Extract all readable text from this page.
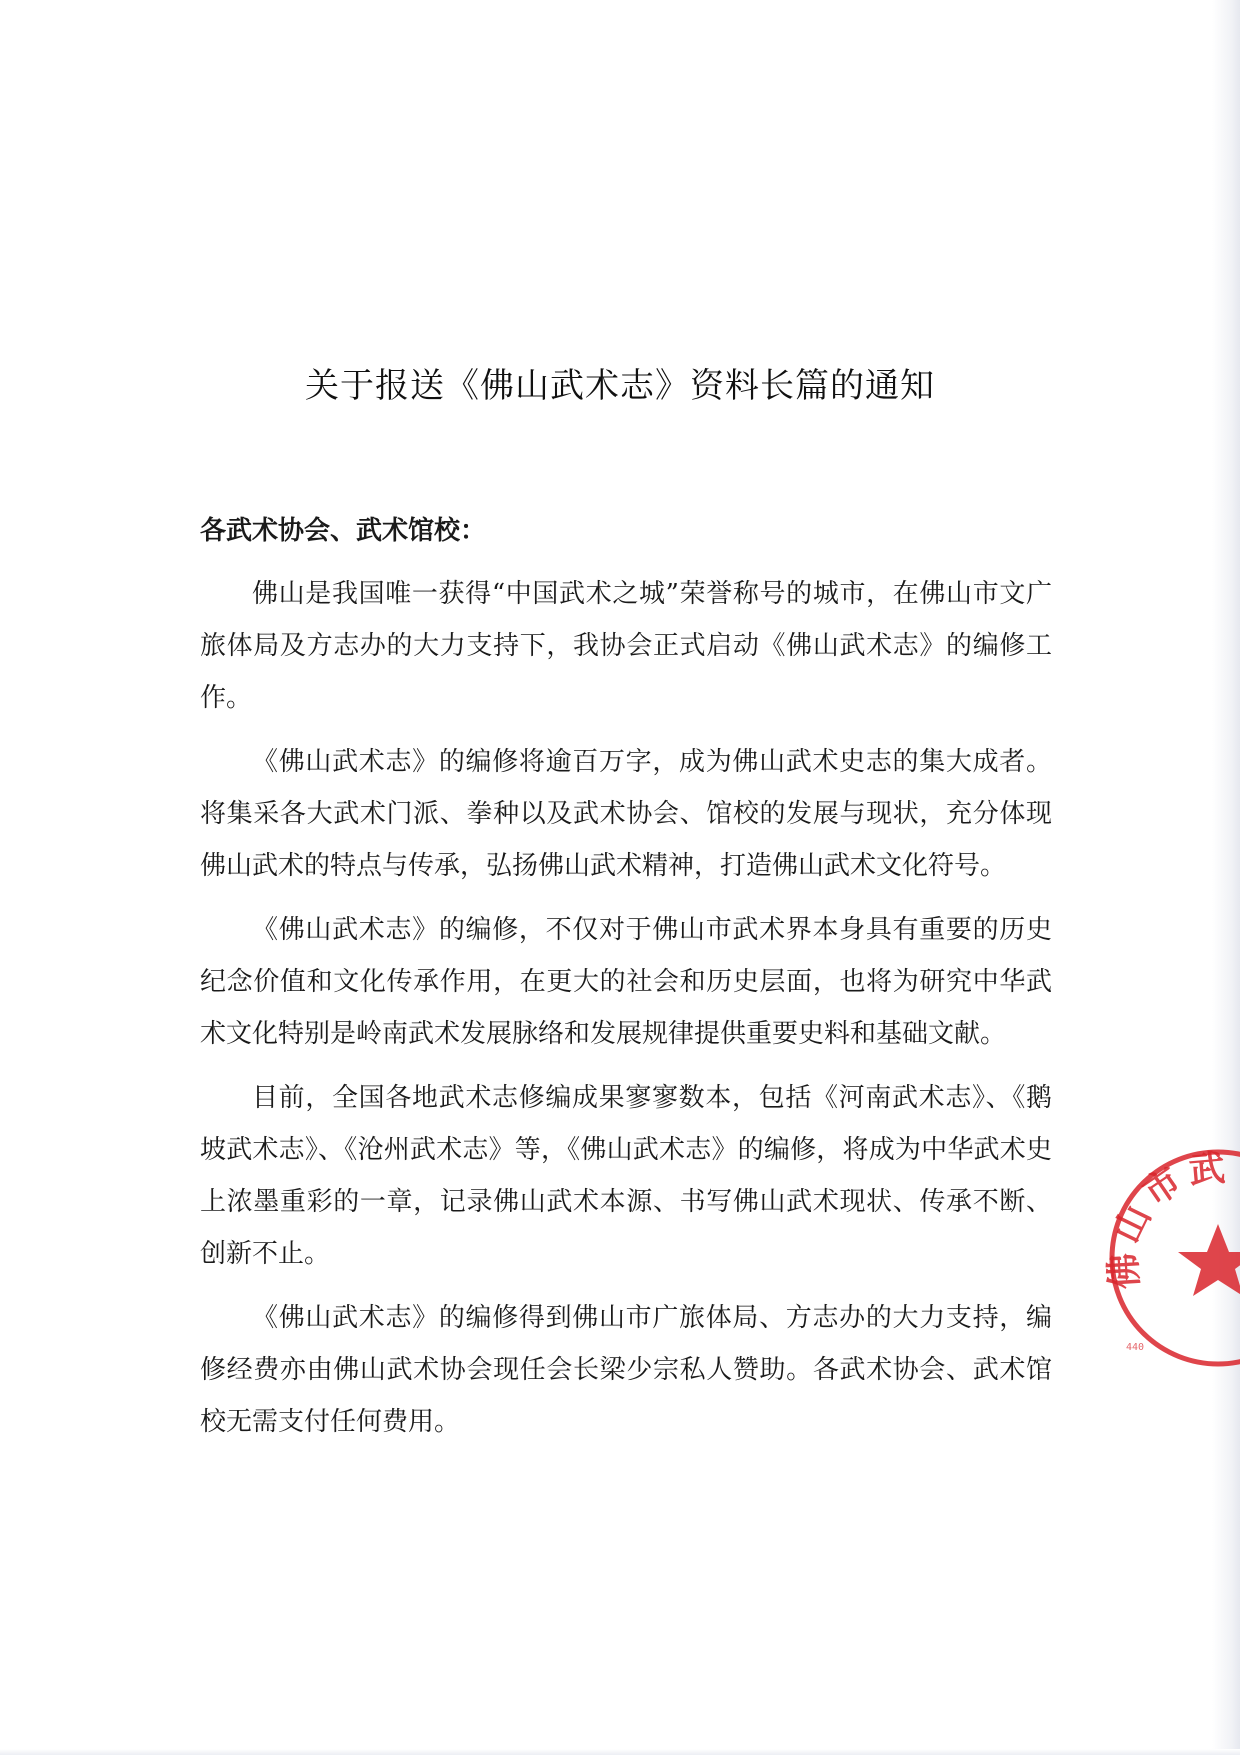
关于报送《佛山武术志》资料长篇的通知

各武术协会、武术馆校：

佛山是我国唯一获得“中国武术之城”荣誉称号的城市，在佛山市文广旅体局及方志办的大力支持下，我协会正式启动《佛山武术志》的编修工作。

《佛山武术志》的编修将逾百万字，成为佛山武术史志的集大成者。将集采各大武术门派、拳种以及武术协会、馆校的发展与现状，充分体现佛山武术的特点与传承，弘扬佛山武术精神，打造佛山武术文化符号。

《佛山武术志》的编修，不仅对于佛山市武术界本身具有重要的历史纪念价值和文化传承作用，在更大的社会和历史层面，也将为研究中华武术文化特别是岭南武术发展脉络和发展规律提供重要史料和基础文献。

目前，全国各地武术志修编成果寥寥数本，包括《河南武术志》、《鹅坡武术志》、《沧州武术志》等，《佛山武术志》的编修，将成为中华武术史上浓墨重彩的一章，记录佛山武术本源、书写佛山武术现状、传承不断、创新不止。

《佛山武术志》的编修得到佛山市广旅体局、方志办的大力支持，编修经费亦由佛山武术协会现任会长梁少宗私人赞助。各武术协会、武术馆校无需支付任何费用。

佛山市武
440
